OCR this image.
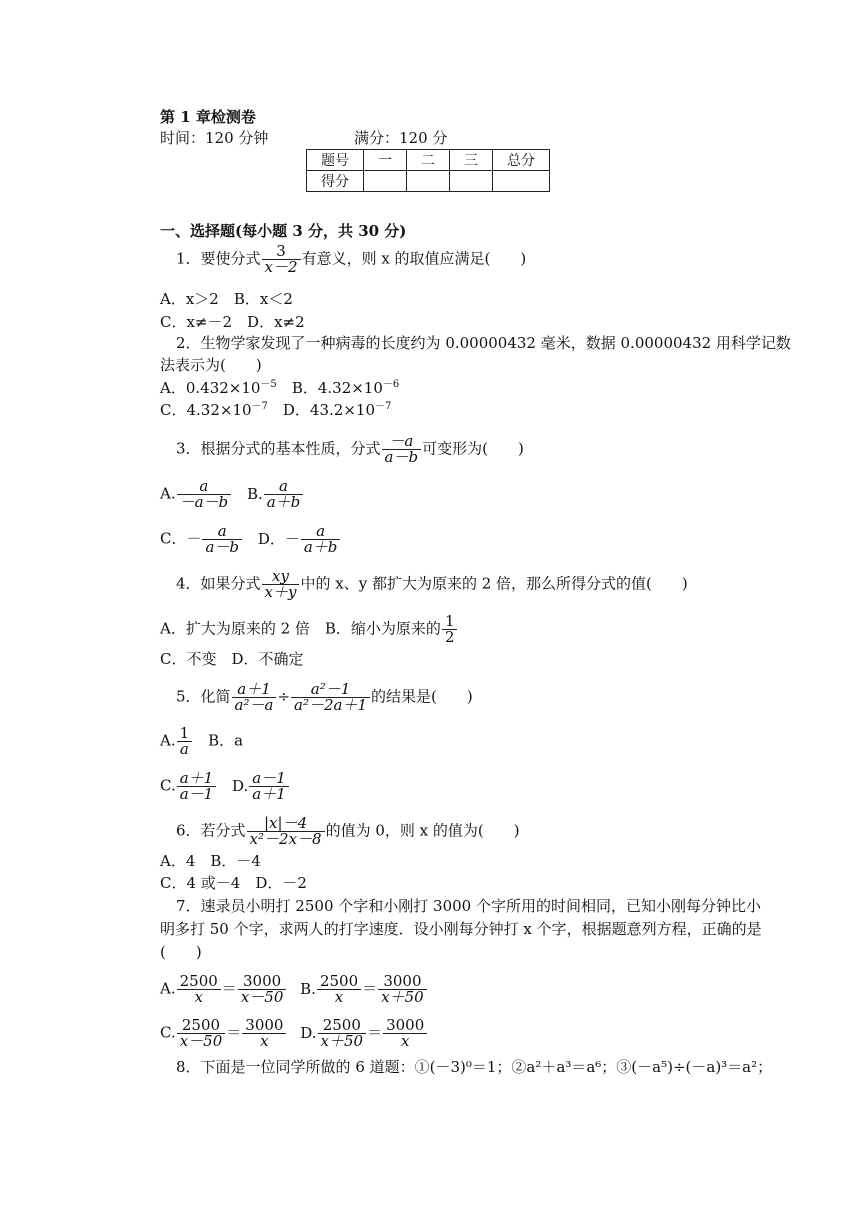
第 1 章检测卷
时间：120 分钟	满分：120 分
题号	一	二	三	总分
得分				
一、选择题(每小题 3 分，共 30 分)
1．要使分式 $\frac{3}{x-2}$ 有意义，则 x 的取值应满足(　　)
A．x＞2　B．x＜2
C．x≠－2　D．x≠2
2．生物学家发现了一种病毒的长度约为 0.00000432 毫米，数据 0.00000432 用科学记数
法表示为(　　)
A．$0.432\times 10^{-5}$　B．$4.32\times 10^{-6}$
C．$4.32\times 10^{-7}$　D．$43.2\times 10^{-7}$
3．根据分式的基本性质，分式 $\frac{-a}{a-b}$ 可变形为(　　)
A. $\frac{a}{-a-b} B$. $\frac{a}{a+b}$
C．－ $\frac{a}{a-b}$ D．－ $\frac{a}{a+b}$
4．如果分式 $\frac{xy}{x+y}$ 中的 x、y 都扩大为原来的 2 倍，那么所得分式的值(　　)
A．扩大为原来的 2 倍　B．缩小为原来的 $\frac{1}{2}$
C．不变　D．不确定
5．化简 $\frac{a+1}{\text{a²－a}} \div \frac{\text{a²－1}}{\text{a²－2a＋1}}$ 的结果是(　　)
A. $\frac{1}{a}$ 　B．a
C. $\frac{a+1}{a-1} D$. $\frac{a-1}{a+1}$
6．若分式 $\frac{|x|-4}{\text{x²－2x－8}}$ 的值为 0，则 x 的值为(　　)
A．4　B．－4
C．4 或－4　D．－2
7．速录员小明打 2500 个字和小刚打 3000 个字所用的时间相同，已知小刚每分钟比小
明多打 50 个字，求两人的打字速度．设小刚每分钟打 x 个字，根据题意列方程，正确的是
(　　)
A. $\frac{2500}{x} = \frac{3000}{x-50} B$. $\frac{2500}{x} = \frac{3000}{x+50}$
C. $\frac{2500}{x-50} = \frac{3000}{x} D$. $\frac{2500}{x+50} = \frac{3000}{x}$
8．下面是一位同学所做的 6 道题：①(－3)⁰＝1；②a²＋a³＝a⁶；③(－a⁵)÷(－a)³＝a²；
